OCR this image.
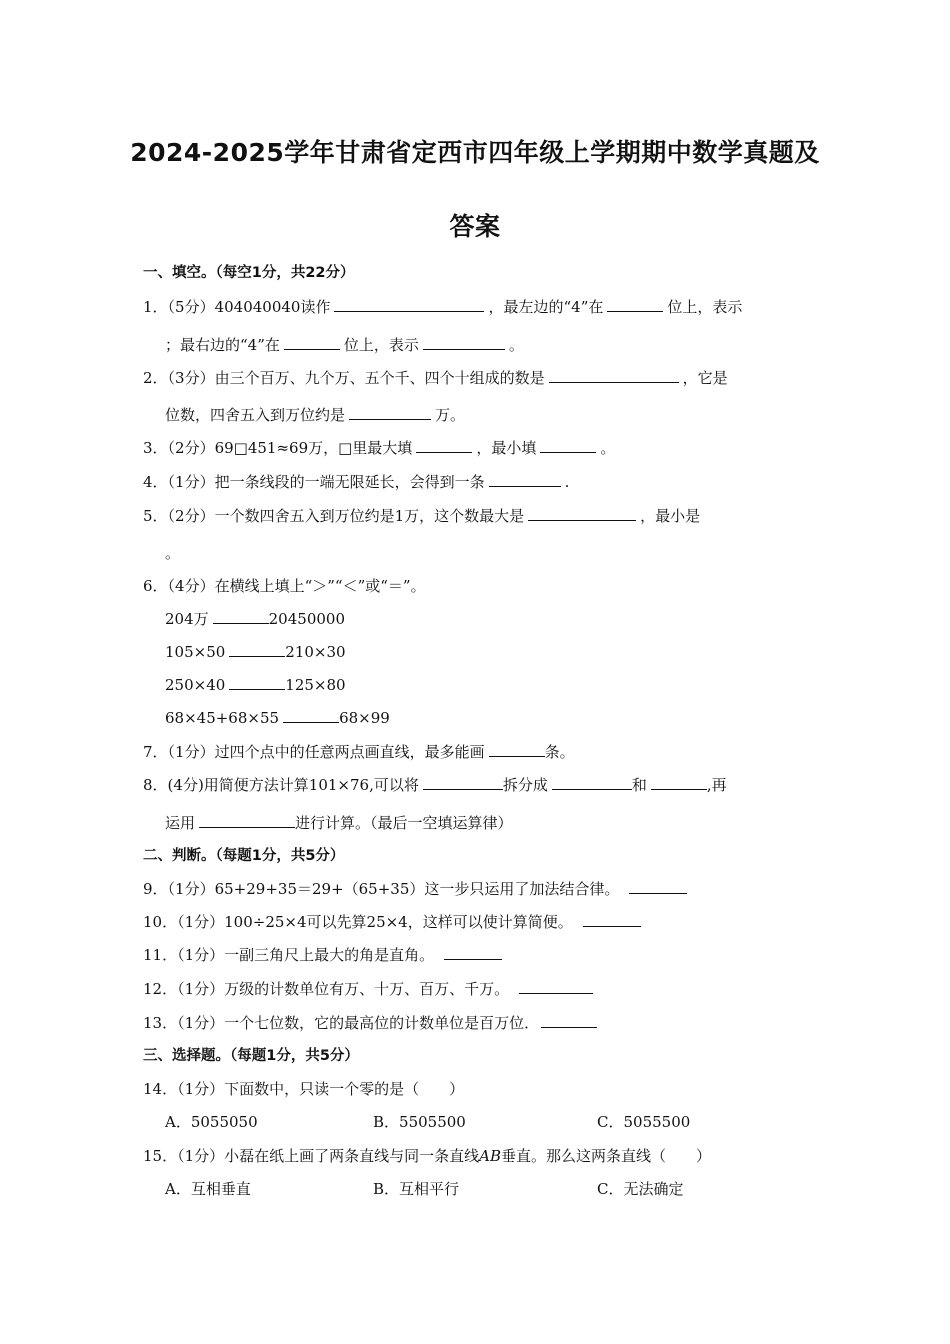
2024-2025学年甘肃省定西市四年级上学期期中数学真题及
答案
一、填空。（每空1分，共22分）
1．（5分）404040040读作	，最左边的“4”在	位上，表示
；最右边的“4”在	位上，表示	。
2．（3分）由三个百万、九个万、五个千、四个十组成的数是	，它是
位数，四舍五入到万位约是	万。
3．（2分）69□451≈69万，□里最大填	，最小填	。
4．（1分）把一条线段的一端无限延长，会得到一条	.
5．（2分）一个数四舍五入到万位约是1万，这个数最大是	，最小是
。
6．（4分）在横线上填上“＞”“＜”或“＝”。
204万	20450000
105×50	210×30
250×40	125×80
68×45+68×55	68×99
7．（1分）过四个点中的任意两点画直线，最多能画	条。
8．(4分)用简便方法计算101×76,可以将	拆分成	和	,再
运用	进行计算。（最后一空填运算律）
二、判断。（每题1分，共5分）
9．（1分）65+29+35＝29+（65+35）这一步只运用了加法结合律。
10．（1分）100÷25×4可以先算25×4，这样可以使计算简便。
11．（1分）一副三角尺上最大的角是直角。
12．（1分）万级的计数单位有万、十万、百万、千万。
13．（1分）一个七位数，它的最高位的计数单位是百万位．
三、选择题。（每题1分，共5分）
14．（1分）下面数中，只读一个零的是（　　）
A．5055050	B．5505500	C．5055500
15．（1分）小磊在纸上画了两条直线与同一条直线AB垂直。那么这两条直线（　　）
A．互相垂直	B．互相平行	C．无法确定
